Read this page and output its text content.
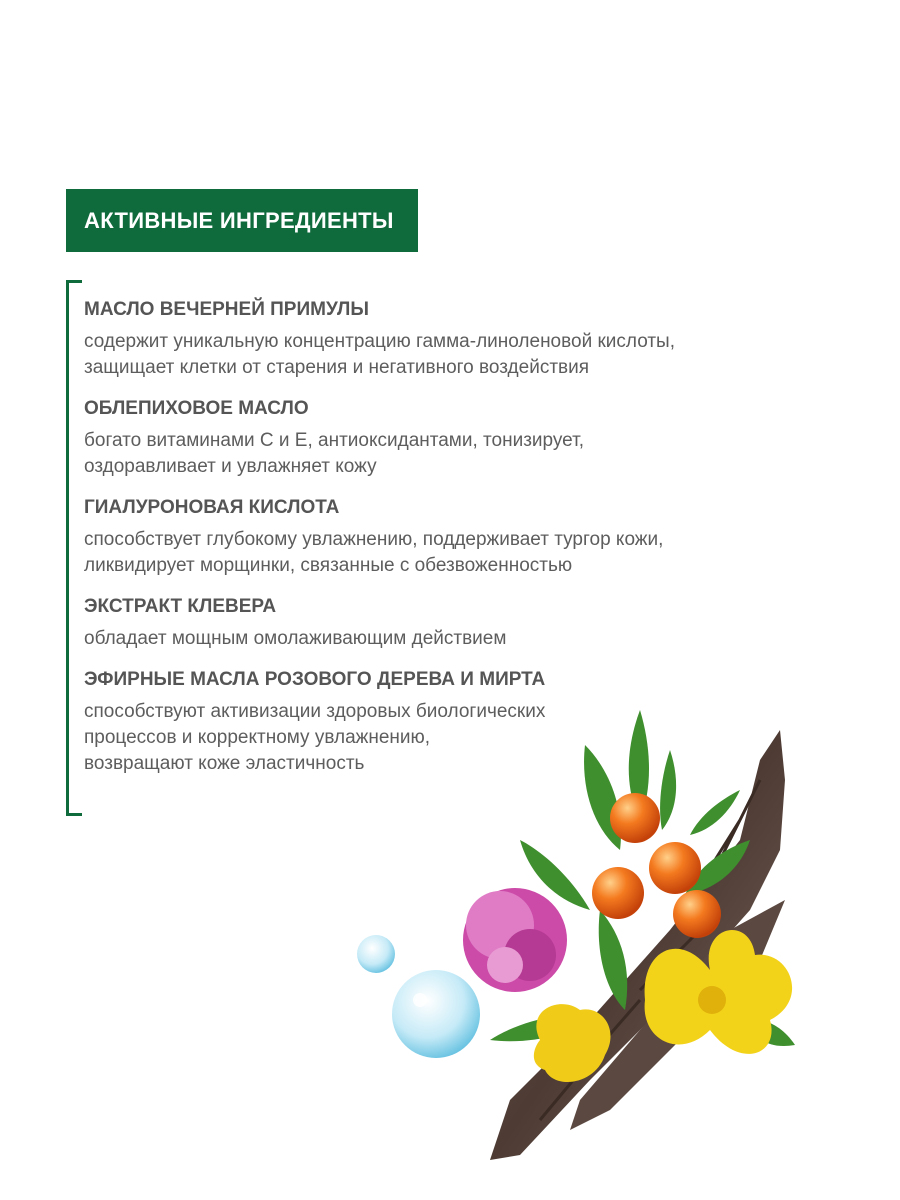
АКТИВНЫЕ ИНГРЕДИЕНТЫ
МАСЛО ВЕЧЕРНЕЙ ПРИМУЛЫ
содержит уникальную концентрацию гамма-линоленовой кислоты,
защищает клетки от старения и негативного воздействия
ОБЛЕПИХОВОЕ МАСЛО
богато витаминами С и Е, антиоксидантами, тонизирует,
оздоравливает и увлажняет кожу
ГИАЛУРОНОВАЯ КИСЛОТА
способствует глубокому увлажнению, поддерживает тургор кожи,
ликвидирует морщинки, связанные с обезвоженностью
ЭКСТРАКТ КЛЕВЕРА
обладает мощным омолаживающим действием
ЭФИРНЫЕ МАСЛА РОЗОВОГО ДЕРЕВА И МИРТА
способствуют активизации здоровых биологических
процессов и корректному увлажнению,
возвращают коже эластичность
